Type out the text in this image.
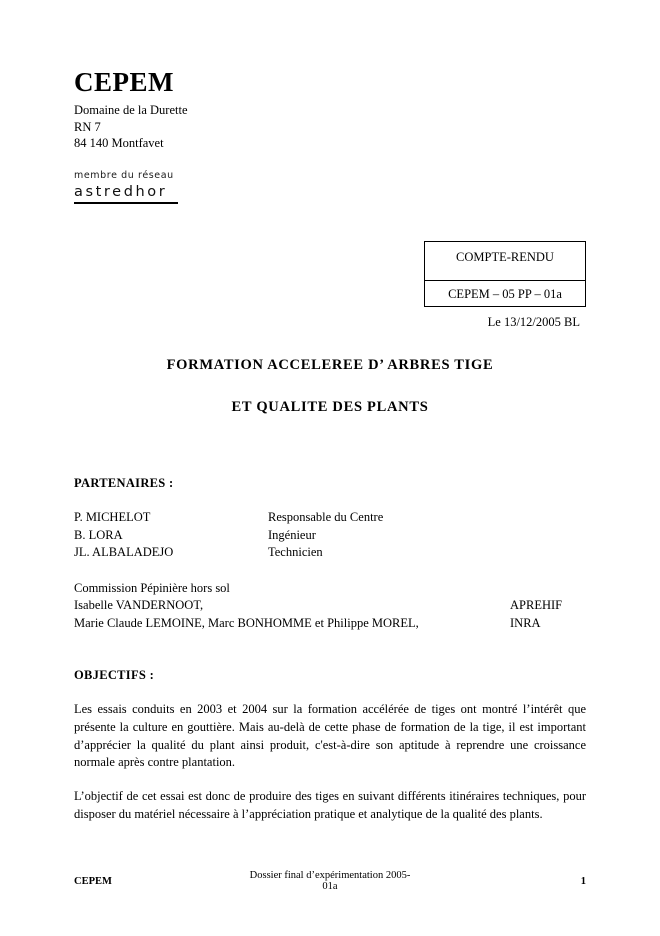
CEPEM
Domaine de la Durette
RN 7
84 140 Montfavet
membre du réseau
astredhor
COMPTE-RENDU
CEPEM – 05 PP – 01a
Le 13/12/2005 BL
FORMATION ACCELEREE D’ ARBRES TIGE
ET QUALITE DES PLANTS
PARTENAIRES :
P. MICHELOT	Responsable du Centre
B. LORA	Ingénieur
JL. ALBALADEJO	Technicien
Commission Pépinière hors sol
Isabelle VANDERNOOT,	APREHIF
Marie Claude LEMOINE, Marc BONHOMME et Philippe MOREL,	INRA
OBJECTIFS :
Les essais conduits en 2003 et 2004 sur la formation accélérée de tiges ont montré l’intérêt que présente la culture en gouttière. Mais au-delà de cette phase de formation de la tige, il est important d’apprécier la qualité du plant ainsi produit, c'est-à-dire son aptitude à reprendre une croissance normale après contre plantation.
L’objectif de cet essai est donc de produire des tiges en suivant différents itinéraires techniques, pour disposer du matériel nécessaire à l’appréciation pratique et analytique de la qualité des plants.
CEPEM	Dossier final d’expérimentation 2005-01a	1
